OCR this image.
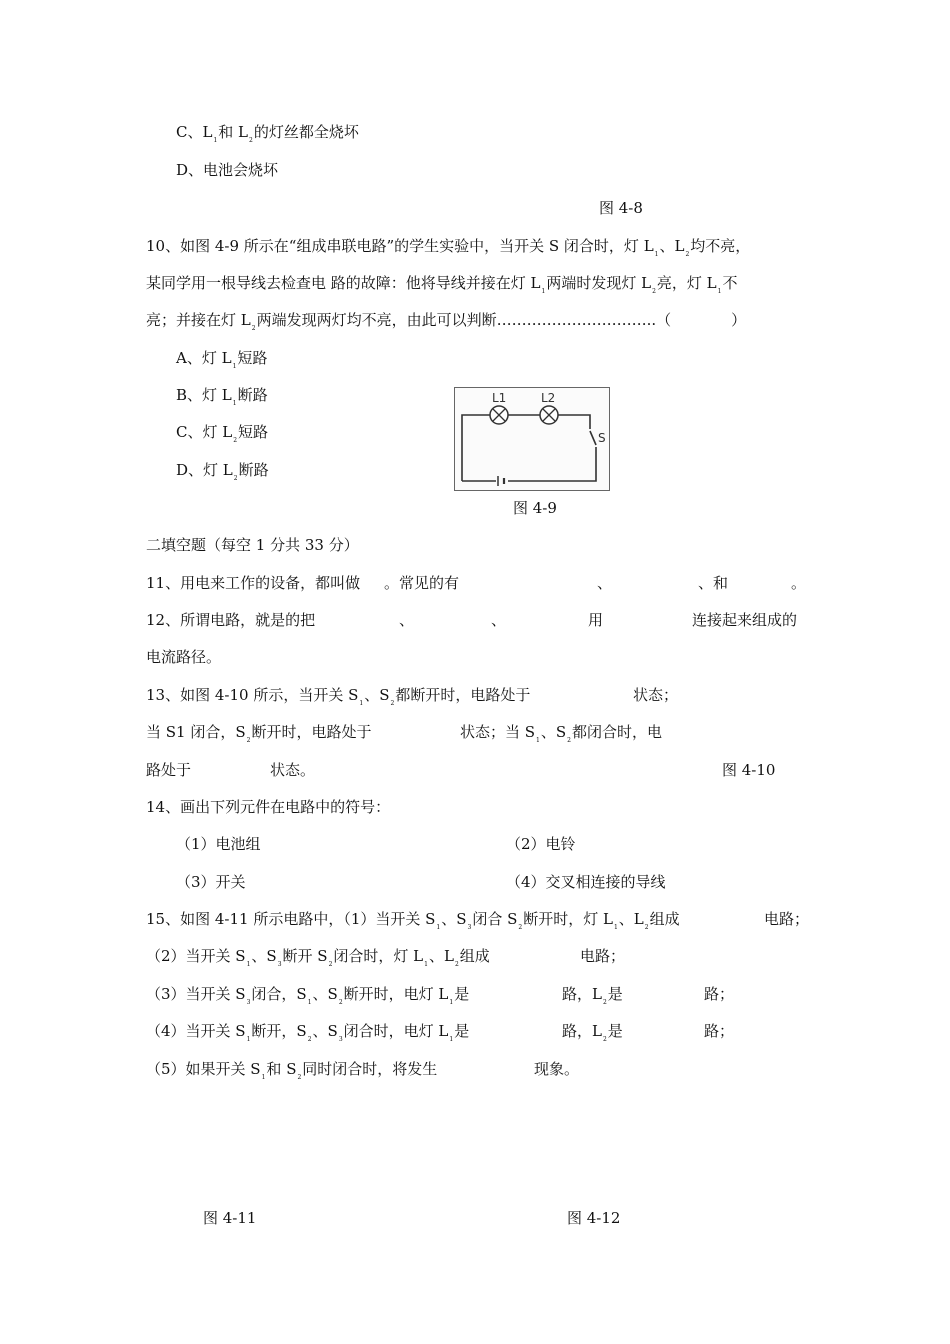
C、$L_1$和 $L_2$的灯丝都全烧坏
D、电池会烧坏
图 4-8
10、如图 4-9 所示在“组成串联电路”的学生实验中，当开关 S 闭合时，灯 $L_1$、$L_2$均不亮，
某同学用一根导线去检查电 路的故障：他将导线并接在灯 $L_1$两端时发现灯 $L_2$亮，灯 $L_1$不
亮；并接在灯 $L_2$两端发现两灯均不亮，由此可以判断…………………………..（　　　　）
A、灯 $L_1$短路
B、灯 $L_1$断路
C、灯 $L_2$短路
D、灯 $L_2$断路
L1	L2
S
图 4-9
二填空题（每空 1 分共 33 分）
11、用电来工作的设备，都叫做 。常见的有	、	、和	。
12、所谓电路，就是的把	、	、	用	连接起来组成的
电流路径。
13、如图 4-10 所示，当开关 $S_1$、$S_2$都断开时，电路处于	状态；
当 S1 闭合，$S_2$断开时，电路处于	状态；当 $S_1$、$S_2$都闭合时，电
路处于	状态。	图 4-10
14、画出下列元件在电路中的符号：
（1）电池组	（2）电铃
（3）开关	（4）交叉相连接的导线
15、如图 4-11 所示电路中，（1）当开关 $S_1$、$S_3$闭合 $S_2$断开时，灯 $L_1$、$L_2$组成	电路；
（2）当开关 $S_1$、$S_3$断开 $S_2$闭合时，灯 $L_1$、$L_2$组成	电路；
（3）当开关 $S_3$闭合，$S_1$、$S_2$断开时，电灯 $L_1$是	路，$L_2$是	路；
（4）当开关 $S_1$断开，$S_2$、$S_3$闭合时，电灯 $L_1$是	路，$L_2$是	路；
（5）如果开关 $S_1$和 $S_2$同时闭合时，将发生	现象。
图 4-11	图 4-12
